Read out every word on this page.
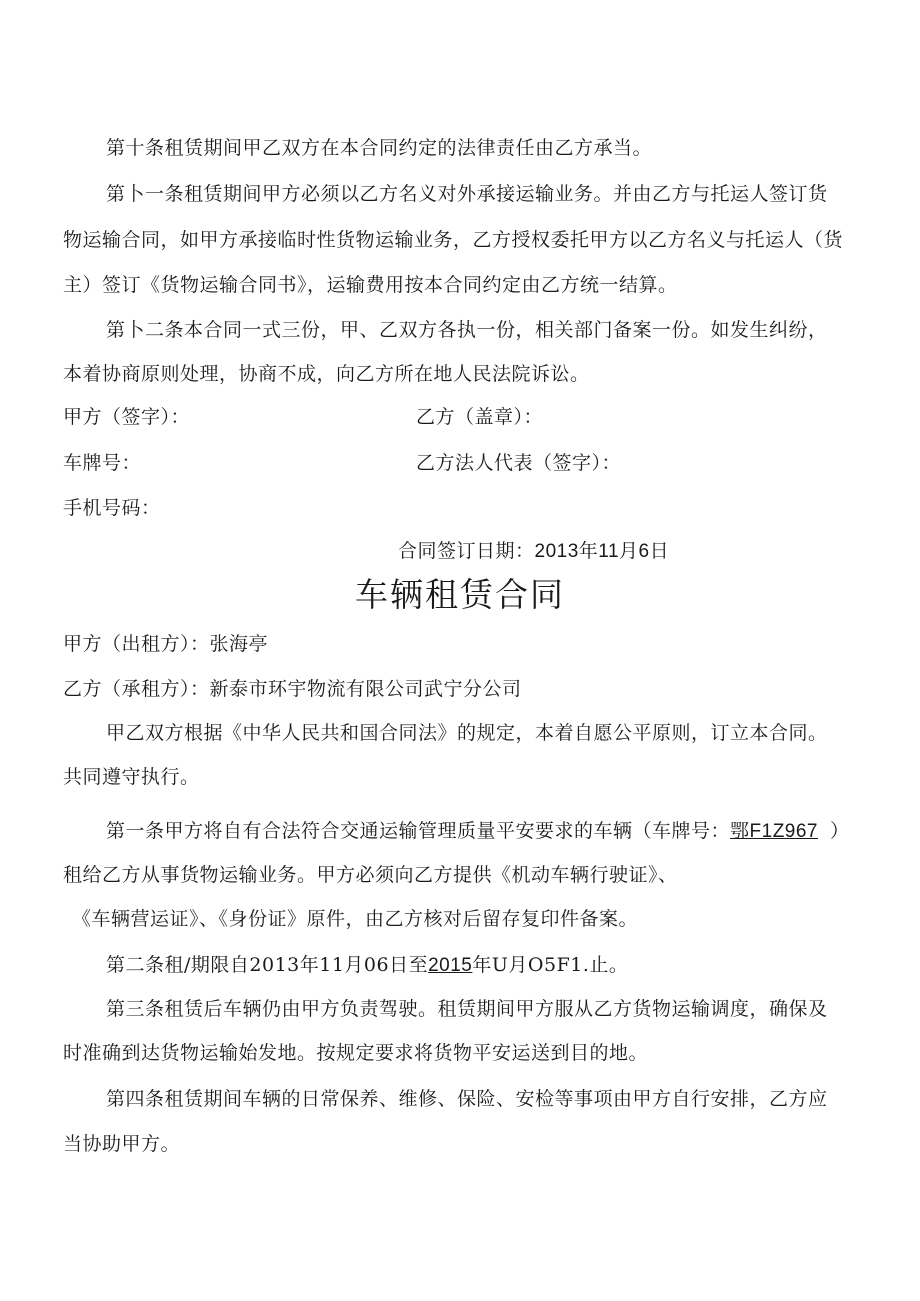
第十条租赁期间甲乙双方在本合同约定的法律责任由乙方承当。
第卜一条租赁期间甲方必须以乙方名义对外承接运输业务。并由乙方与托运人签订货
物运输合同，如甲方承接临时性货物运输业务，乙方授权委托甲方以乙方名义与托运人（货
主）签订《货物运输合同书》，运输费用按本合同约定由乙方统一结算。
第卜二条本合同一式三份，甲、乙双方各执一份，相关部门备案一份。如发生纠纷，
本着协商原则处理，协商不成，向乙方所在地人民法院诉讼。
甲方（签字）：	乙方（盖章）：
车牌号：	乙方法人代表（签字）：
手机号码：
合同签订日期：2013年11月6日
车辆租赁合同
甲方（出租方）：张海亭
乙方（承租方）：新泰市环宇物流有限公司武宁分公司
甲乙双方根据《中华人民共和国合同法》的规定，本着自愿公平原则，订立本合同。
共同遵守执行。
第一条甲方将自有合法符合交通运输管理质量平安要求的车辆（车牌号：鄂F1Z967 ）
租给乙方从事货物运输业务。甲方必须向乙方提供《机动车辆行驶证》、
《车辆营运证》、《身份证》原件，由乙方核对后留存复印件备案。
第二条租/期限自2013年11月06日至2015年U月O5F1.止。
第三条租赁后车辆仍由甲方负责驾驶。租赁期间甲方服从乙方货物运输调度，确保及
时准确到达货物运输始发地。按规定要求将货物平安运送到目的地。
第四条租赁期间车辆的日常保养、维修、保险、安检等事项由甲方自行安排，乙方应
当协助甲方。
